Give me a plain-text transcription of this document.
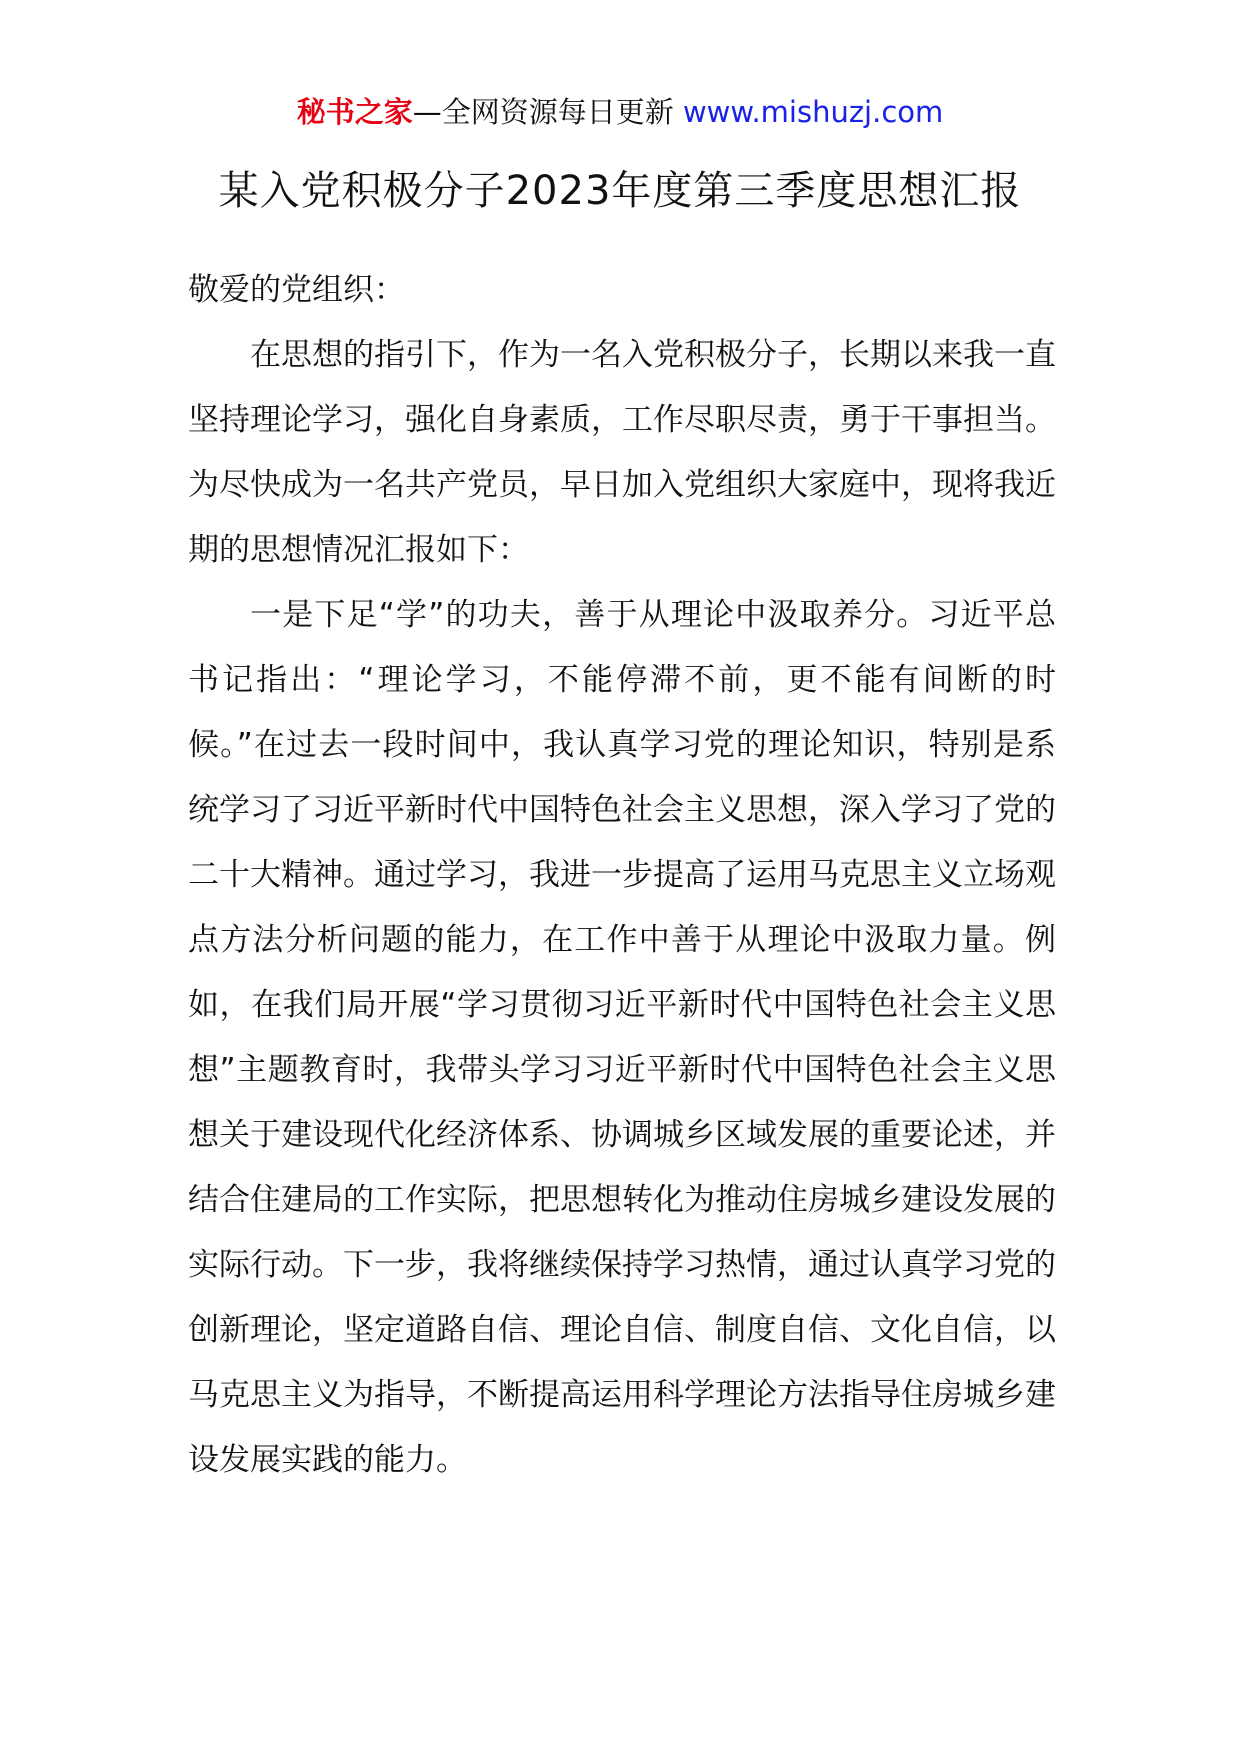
秘书之家—全网资源每日更新 www.mishuzj.com
某入党积极分子2023年度第三季度思想汇报

敬爱的党组织：

在思想的指引下，作为一名入党积极分子，长期以来我一直坚持理论学习，强化自身素质，工作尽职尽责，勇于干事担当。为尽快成为一名共产党员，早日加入党组织大家庭中，现将我近期的思想情况汇报如下：

一是下足“学”的功夫，善于从理论中汲取养分。习近平总书记指出：“理论学习，不能停滞不前，更不能有间断的时候。”在过去一段时间中，我认真学习党的理论知识，特别是系统学习了习近平新时代中国特色社会主义思想，深入学习了党的二十大精神。通过学习，我进一步提高了运用马克思主义立场观点方法分析问题的能力，在工作中善于从理论中汲取力量。例如，在我们局开展“学习贯彻习近平新时代中国特色社会主义思想”主题教育时，我带头学习习近平新时代中国特色社会主义思想关于建设现代化经济体系、协调城乡区域发展的重要论述，并结合住建局的工作实际，把思想转化为推动住房城乡建设发展的实际行动。下一步，我将继续保持学习热情，通过认真学习党的创新理论，坚定道路自信、理论自信、制度自信、文化自信，以马克思主义为指导，不断提高运用科学理论方法指导住房城乡建设发展实践的能力。
